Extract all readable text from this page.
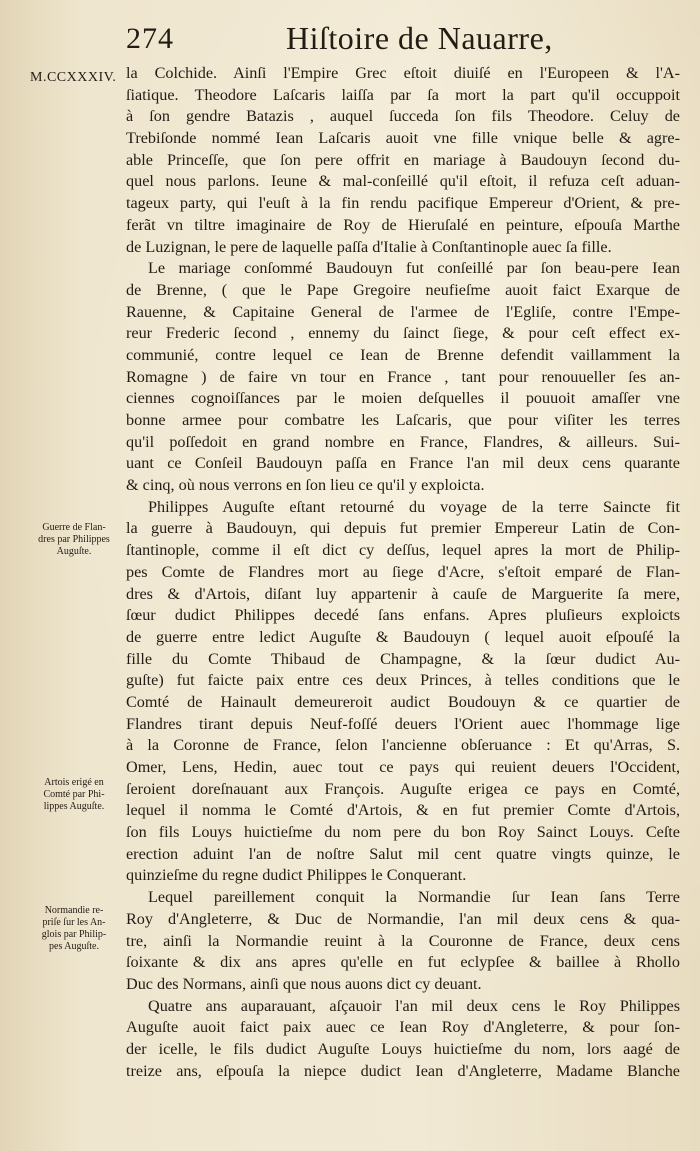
274	Hiſtoire de Nauarre,
M.CCXXXIV. la Colchide. Ainſi l'Empire Grec eſtoit diuiſé en l'Europeen & l'A-
ſiatique. Theodore Laſcaris laiſſa par ſa mort la part qu'il occuppoit
à ſon gendre Batazis , auquel ſucceda ſon fils Theodore. Celuy de
Trebiſonde nommé Iean Laſcaris auoit vne fille vnique belle & agre-
able Princeſſe, que ſon pere offrit en mariage à Baudouyn ſecond du-
quel nous parlons. Ieune & mal-conſeillé qu'il eſtoit, il refuza ceſt aduan-
tageux party, qui l'euſt à la fin rendu pacifique Empereur d'Orient, & pre-
ferãt vn tiltre imaginaire de Roy de Hieruſalé en peinture, eſpouſa Marthe
de Luzignan, le pere de laquelle paſſa d'Italie à Conſtantinople auec ſa fille.
Le mariage conſommé Baudouyn fut conſeillé par ſon beau-pere Iean
de Brenne, ( que le Pape Gregoire neufieſme auoit faict Exarque de
Rauenne, & Capitaine General de l'armee de l'Egliſe, contre l'Empe-
reur Frederic ſecond , ennemy du ſainct ſiege, & pour ceſt effect ex-
communié, contre lequel ce Iean de Brenne defendit vaillamment la
Romagne ) de faire vn tour en France , tant pour renouueller ſes an-
ciennes cognoiſſances par le moien deſquelles il pouuoit amaſſer vne
bonne armee pour combatre les Laſcaris, que pour viſiter les terres
qu'il poſſedoit en grand nombre en France, Flandres, & ailleurs. Sui-
uant ce Conſeil Baudouyn paſſa en France l'an mil deux cens quarante
& cinq, où nous verrons en ſon lieu ce qu'il y exploicta.
Philippes Auguſte eſtant retourné du voyage de la terre Saincte fit
la guerre à Baudouyn, qui depuis fut premier Empereur Latin de Con-
ſtantinople, comme il eſt dict cy deſſus, lequel apres la mort de Philip-
pes Comte de Flandres mort au ſiege d'Acre, s'eſtoit emparé de Flan-
dres & d'Artois, diſant luy appartenir à cauſe de Marguerite ſa mere,
ſœur dudict Philippes decedé ſans enfans. Apres pluſieurs exploicts
de guerre entre ledict Auguſte & Baudouyn ( lequel auoit eſpouſé la
fille du Comte Thibaud de Champagne, & la ſœur dudict Au-
guſte) fut faicte paix entre ces deux Princes, à telles conditions que le
Comté de Hainault demeureroit audict Boudouyn & ce quartier de
Flandres tirant depuis Neuf-foſſé deuers l'Orient auec l'hommage lige
à la Coronne de France, ſelon l'ancienne obſeruance : Et qu'Arras, S.
Omer, Lens, Hedin, auec tout ce pays qui reuient deuers l'Occident,
ſeroient doreſnauant aux François. Auguſte erigea ce pays en Comté,
lequel il nomma le Comté d'Artois, & en fut premier Comte d'Artois,
ſon fils Louys huictieſme du nom pere du bon Roy Sainct Louys. Ceſte
erection aduint l'an de noſtre Salut mil cent quatre vingts quinze, le
quinzieſme du regne dudict Philippes le Conquerant.
Lequel pareillement conquit la Normandie ſur Iean ſans Terre
Roy d'Angleterre, & Duc de Normandie, l'an mil deux cens & qua-
tre, ainſi la Normandie reuint à la Couronne de France, deux cens
ſoixante & dix ans apres qu'elle en fut eclypſee & baillee à Rhollo
Duc des Normans, ainſi que nous auons dict cy deuant.
Quatre ans auparauant, aſçauoir l'an mil deux cens le Roy Philippes
Auguſte auoit faict paix auec ce Iean Roy d'Angleterre, & pour ſon-
der icelle, le fils dudict Auguſte Louys huictieſme du nom, lors aagé de
treize ans, eſpouſa la niepce dudict Iean d'Angleterre, Madame Blanche
Guerre de Flan-
dres par Philippes
Auguſte.
Artois erigé en
Comté par Phi-
lippes Auguſte.
Normandie re-
priſe ſur les An-
glois par Philip-
pes Auguſte.
